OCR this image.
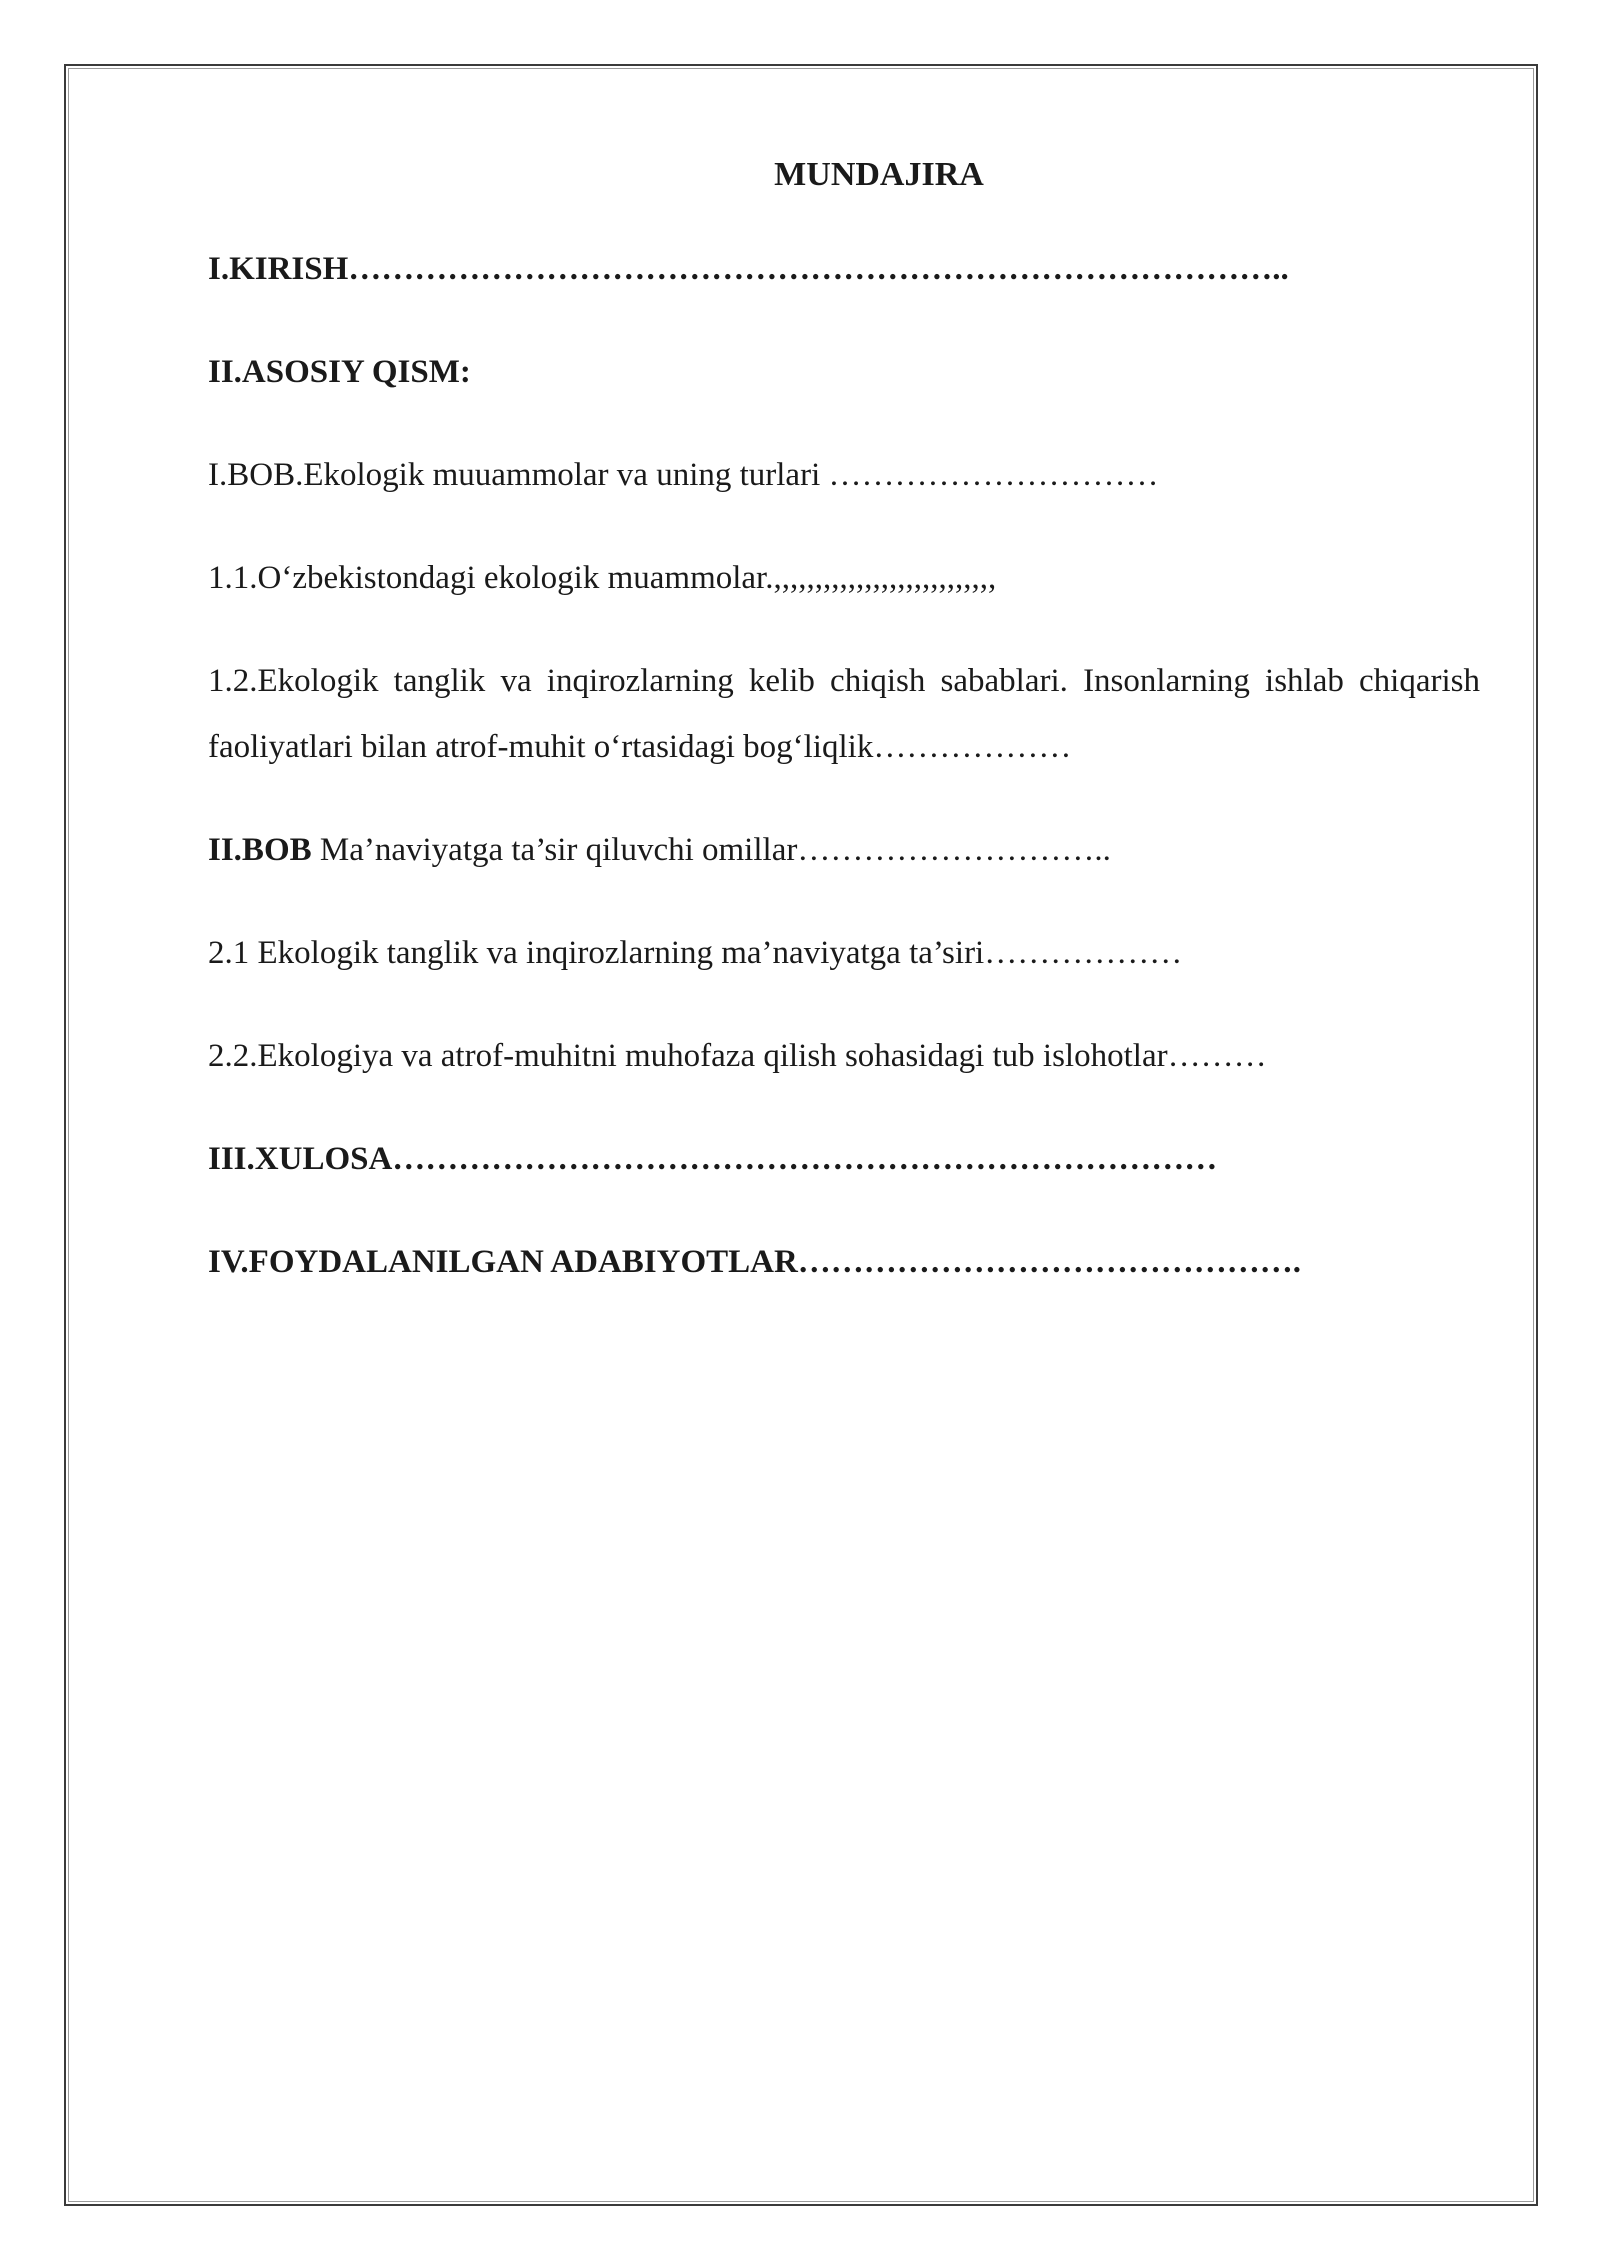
MUNDAJIRA
I.KIRISH…………………………………………………………………………..
II.ASOSIY QISM:
I.BOB.Ekologik muuammolar va uning turlari …………………………
1.1.O‘zbekistondagi ekologik muammolar.,,,,,,,,,,,,,,,,,,,,,,,,,,,
1.2.Ekologik tanglik va inqirozlarning kelib chiqish sabablari. Insonlarning ishlab chiqarish faoliyatlari bilan atrof-muhit o‘rtasidagi bog‘liqlik………………
II.BOB Ma’naviyatga ta’sir qiluvchi omillar………………………..
2.1 Ekologik tanglik va inqirozlarning ma’naviyatga ta’siri………………
2.2.Ekologiya va atrof-muhitni muhofaza qilish sohasidagi tub islohotlar………
III.XULOSA…………………………………………………………………
IV.FOYDALANILGAN ADABIYOTLAR……………………………………….
